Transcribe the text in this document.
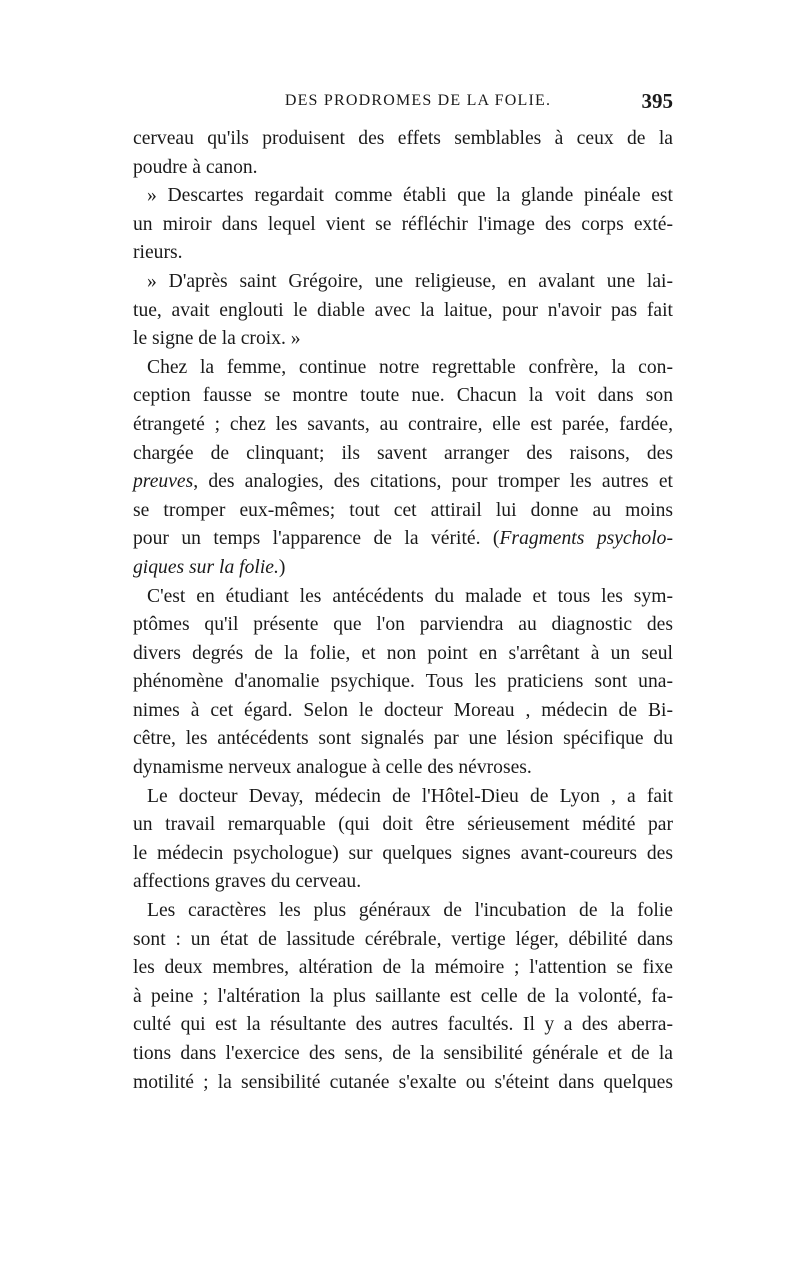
DES PRODROMES DE LA FOLIE.	395
cerveau qu'ils produisent des effets semblables à ceux de la
poudre à canon.
» Descartes regardait comme établi que la glande pinéale est
un miroir dans lequel vient se réfléchir l'image des corps exté-
rieurs.
» D'après saint Grégoire, une religieuse, en avalant une lai-
tue, avait englouti le diable avec la laitue, pour n'avoir pas fait
le signe de la croix. »
Chez la femme, continue notre regrettable confrère, la con-
ception fausse se montre toute nue. Chacun la voit dans son
étrangeté ; chez les savants, au contraire, elle est parée, fardée,
chargée de clinquant; ils savent arranger des raisons, des
preuves, des analogies, des citations, pour tromper les autres et
se tromper eux-mêmes; tout cet attirail lui donne au moins
pour un temps l'apparence de la vérité. (Fragments psycholo-
giques sur la folie.)
C'est en étudiant les antécédents du malade et tous les sym-
ptômes qu'il présente que l'on parviendra au diagnostic des
divers degrés de la folie, et non point en s'arrêtant à un seul
phénomène d'anomalie psychique. Tous les praticiens sont una-
nimes à cet égard. Selon le docteur Moreau , médecin de Bi-
cêtre, les antécédents sont signalés par une lésion spécifique du
dynamisme nerveux analogue à celle des névroses.
Le docteur Devay, médecin de l'Hôtel-Dieu de Lyon , a fait
un travail remarquable (qui doit être sérieusement médité par
le médecin psychologue) sur quelques signes avant-coureurs des
affections graves du cerveau.
Les caractères les plus généraux de l'incubation de la folie
sont : un état de lassitude cérébrale, vertige léger, débilité dans
les deux membres, altération de la mémoire ; l'attention se fixe
à peine ; l'altération la plus saillante est celle de la volonté, fa-
culté qui est la résultante des autres facultés. Il y a des aberra-
tions dans l'exercice des sens, de la sensibilité générale et de la
motilité ; la sensibilité cutanée s'exalte ou s'éteint dans quelques
